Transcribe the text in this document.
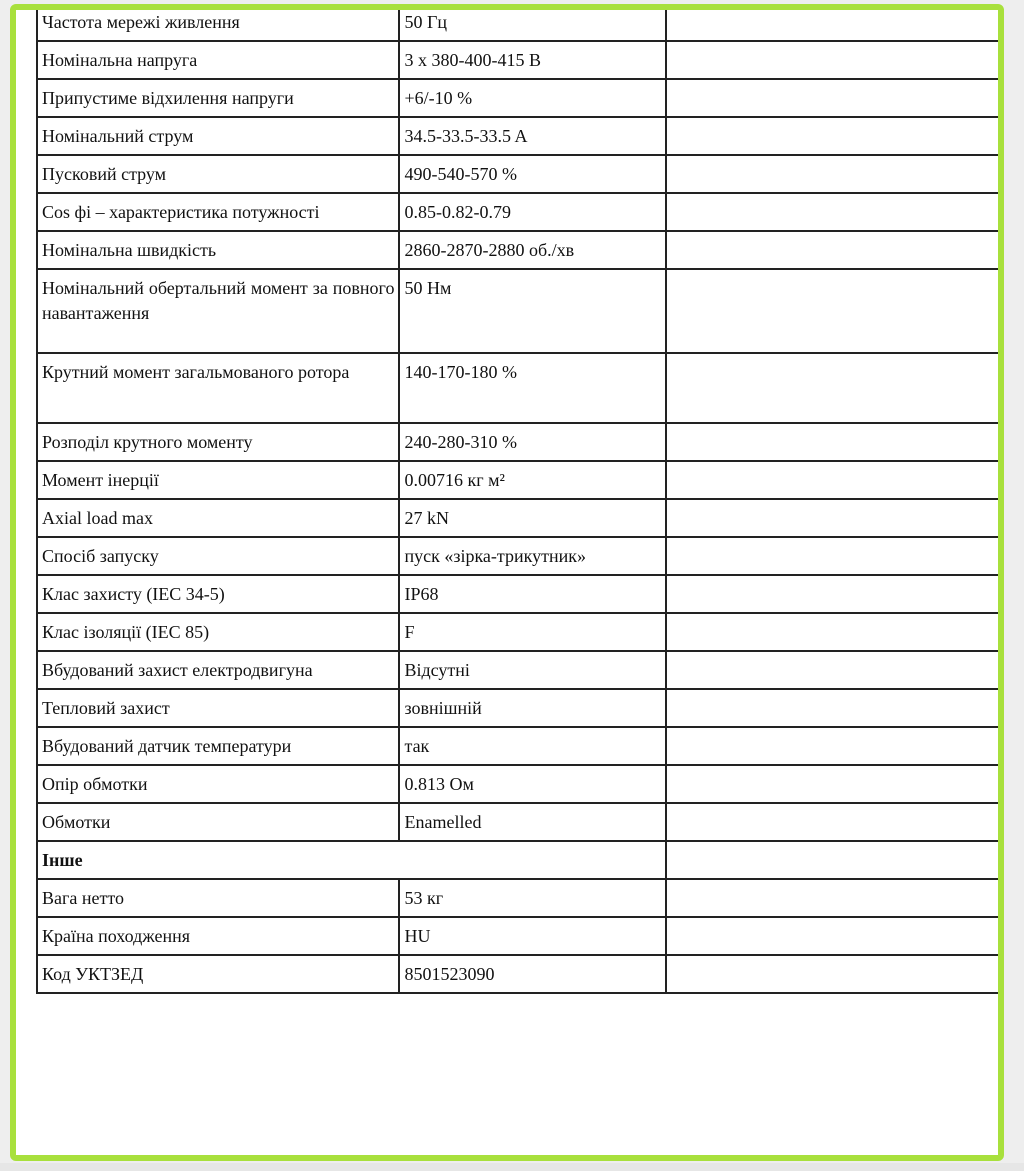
Частота мережі живлення	50 Гц	
Номінальна напруга	3 x 380-400-415 В	
Припустиме відхилення напруги	+6/-10 %	
Номінальний струм	34.5-33.5-33.5 A	
Пусковий струм	490-540-570 %	
Cos фі – характеристика потужності	0.85-0.82-0.79	
Номінальна швидкість	2860-2870-2880 об./хв	
Номінальний обертальний момент за повного навантаження	50 Нм	
Крутний момент загальмованого ротора	140-170-180 %	
Розподіл крутного моменту	240-280-310 %	
Момент інерції	0.00716 кг м²	
Axial load max	27 kN	
Спосіб запуску	пуск «зірка-трикутник»	
Клас захисту (IEC 34-5)	IP68	
Клас ізоляції (IEC 85)	F	
Вбудований захист електродвигуна	Відсутні	
Тепловий захист	зовнішній	
Вбудований датчик температури	так	
Опір обмотки	0.813 Ом	
Обмотки	Enamelled	
Інше		
Вага нетто	53 кг	
Країна походження	HU	
Код УКТЗЕД	8501523090	
